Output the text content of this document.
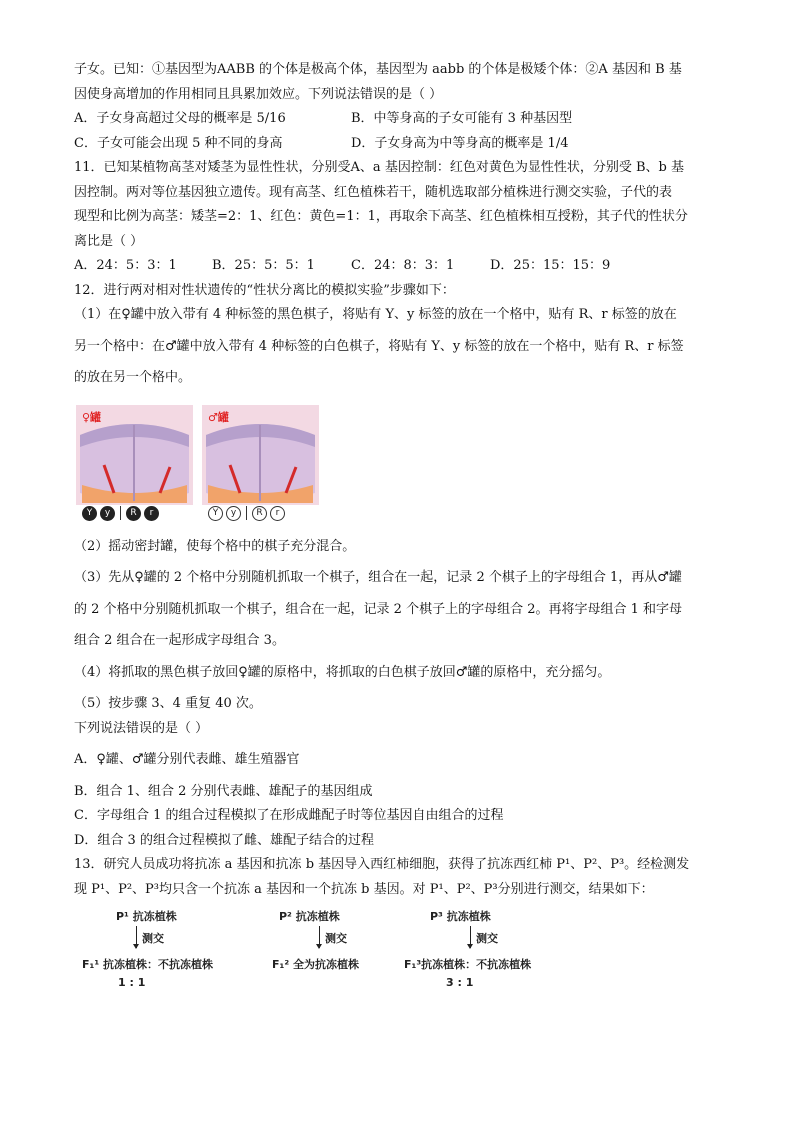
子女。已知：①基因型为AABB 的个体是极高个体，基因型为 aabb 的个体是极矮个体：②A 基因和 B 基
因使身高增加的作用相同且具累加效应。下列说法错误的是（ ）
A．子女身高超过父母的概率是 5/16	B．中等身高的子女可能有 3 种基因型
C．子女可能会出现 5 种不同的身高	D．子女身高为中等身高的概率是 1/4
11．已知某植物高茎对矮茎为显性性状，分别受A、a 基因控制：红色对黄色为显性性状，分别受 B、b 基
因控制。两对等位基因独立遗传。现有高茎、红色植株若干，随机选取部分植株进行测交实验，子代的表
现型和比例为高茎：矮茎=2：1、红色：黄色=1：1，再取余下高茎、红色植株相互授粉，其子代的性状分
离比是（ ）
A．24：5：3：1	B．25：5：5：1	C．24：8：3：1	D．25：15：15：9
12．进行两对相对性状遗传的“性状分离比的模拟实验”步骤如下：
（1）在♀罐中放入带有 4 种标签的黑色棋子，将贴有 Y、y 标签的放在一个格中，贴有 R、r 标签的放在
另一个格中：在♂罐中放入带有 4 种标签的白色棋子，将贴有 Y、y 标签的放在一个格中，贴有 R、r 标签
的放在另一个格中。
♀罐
Y	y	R	r
♂罐
Y	y	R	r
（2）摇动密封罐，使每个格中的棋子充分混合。
（3）先从♀罐的 2 个格中分别随机抓取一个棋子，组合在一起，记录 2 个棋子上的字母组合 1，再从♂罐
的 2 个格中分别随机抓取一个棋子，组合在一起，记录 2 个棋子上的字母组合 2。再将字母组合 1 和字母
组合 2 组合在一起形成字母组合 3。
（4）将抓取的黑色棋子放回♀罐的原格中，将抓取的白色棋子放回♂罐的原格中，充分摇匀。
（5）按步骤 3、4 重复 40 次。
下列说法错误的是（ ）
A．♀罐、♂罐分别代表雌、雄生殖器官
B．组合 1、组合 2 分别代表雌、雄配子的基因组成
C．字母组合 1 的组合过程模拟了在形成雌配子时等位基因自由组合的过程
D．组合 3 的组合过程模拟了雌、雄配子结合的过程
13．研究人员成功将抗冻 a 基因和抗冻 b 基因导入西红柿细胞，获得了抗冻西红柿 P¹、P²、P³。经检测发
现 P¹、P²、P³均只含一个抗冻 a 基因和一个抗冻 b 基因。对 P¹、P²、P³分别进行测交，结果如下：
P¹ 抗冻植株
测交
F₁¹ 抗冻植株：不抗冻植株
1 : 1
P² 抗冻植株
测交
F₁² 全为抗冻植株
P³ 抗冻植株
测交
F₁³抗冻植株：不抗冻植株
3 : 1
